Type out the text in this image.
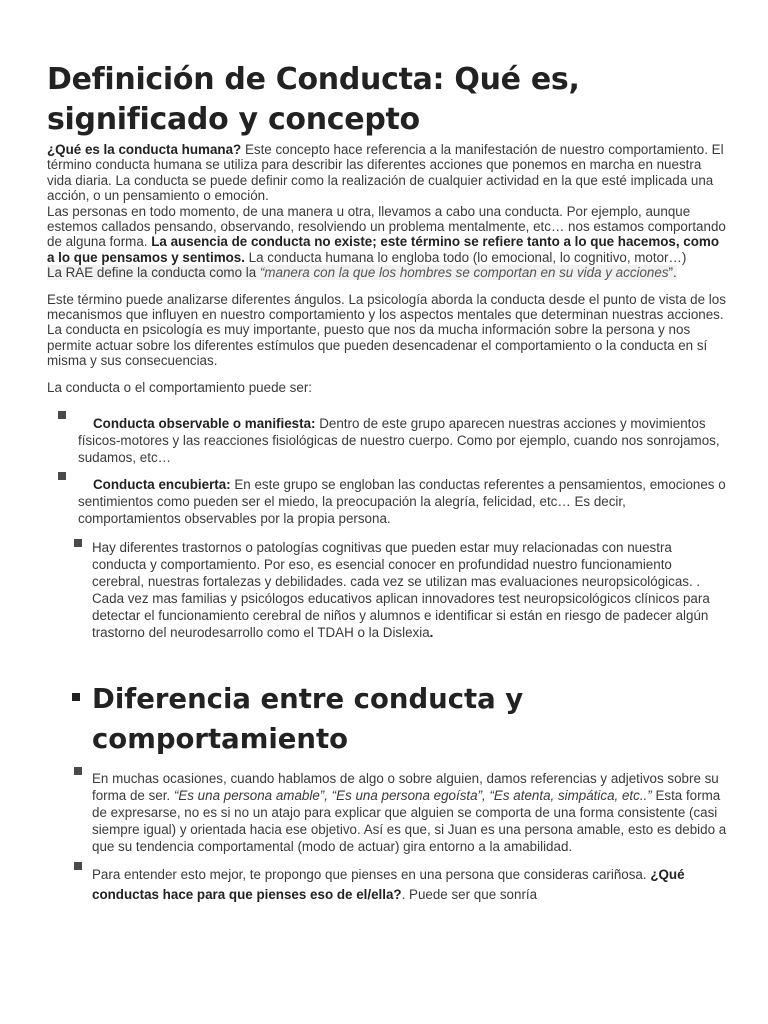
Definición de Conducta: Qué es, significado y concepto

¿Qué es la conducta humana? Este concepto hace referencia a la manifestación de nuestro comportamiento. El término conducta humana se utiliza para describir las diferentes acciones que ponemos en marcha en nuestra vida diaria. La conducta se puede definir como la realización de cualquier actividad en la que esté implicada una acción, o un pensamiento o emoción.

Las personas en todo momento, de una manera u otra, llevamos a cabo una conducta. Por ejemplo, aunque estemos callados pensando, observando, resolviendo un problema mentalmente, etc… nos estamos comportando de alguna forma. La ausencia de conducta no existe; este término se refiere tanto a lo que hacemos, como a lo que pensamos y sentimos. La conducta humana lo engloba todo (lo emocional, lo cognitivo, motor…)

La RAE define la conducta como la “manera con la que los hombres se comportan en su vida y acciones”.

Este término puede analizarse diferentes ángulos. La psicología aborda la conducta desde el punto de vista de los mecanismos que influyen en nuestro comportamiento y los aspectos mentales que determinan nuestras acciones. La conducta en psicología es muy importante, puesto que nos da mucha información sobre la persona y nos permite actuar sobre los diferentes estímulos que pueden desencadenar el comportamiento o la conducta en sí misma y sus consecuencias.

La conducta o el comportamiento puede ser:

Conducta observable o manifiesta: Dentro de este grupo aparecen nuestras acciones y movimientos físicos-motores y las reacciones fisiológicas de nuestro cuerpo. Como por ejemplo, cuando nos sonrojamos, sudamos, etc…

Conducta encubierta: En este grupo se engloban las conductas referentes a pensamientos, emociones o sentimientos como pueden ser el miedo, la preocupación la alegría, felicidad, etc… Es decir, comportamientos observables por la propia persona.

Hay diferentes trastornos o patologías cognitivas que pueden estar muy relacionadas con nuestra conducta y comportamiento. Por eso, es esencial conocer en profundidad nuestro funcionamiento cerebral, nuestras fortalezas y debilidades. cada vez se utilizan mas evaluaciones neuropsicológicas. . Cada vez mas familias y psicólogos educativos aplican innovadores test neuropsicológicos clínicos para detectar el funcionamiento cerebral de niños y alumnos e identificar si están en riesgo de padecer algún trastorno del neurodesarrollo como el TDAH o la Dislexia.

Diferencia entre conducta y comportamiento

En muchas ocasiones, cuando hablamos de algo o sobre alguien, damos referencias y adjetivos sobre su forma de ser. “Es una persona amable”, “Es una persona egoísta”, “Es atenta, simpática, etc..” Esta forma de expresarse, no es si no un atajo para explicar que alguien se comporta de una forma consistente (casi siempre igual) y orientada hacia ese objetivo. Así es que, si Juan es una persona amable, esto es debido a que su tendencia comportamental (modo de actuar) gira entorno a la amabilidad.

Para entender esto mejor, te propongo que pienses en una persona que consideras cariñosa. ¿Qué conductas hace para que pienses eso de el/ella?. Puede ser que sonría
